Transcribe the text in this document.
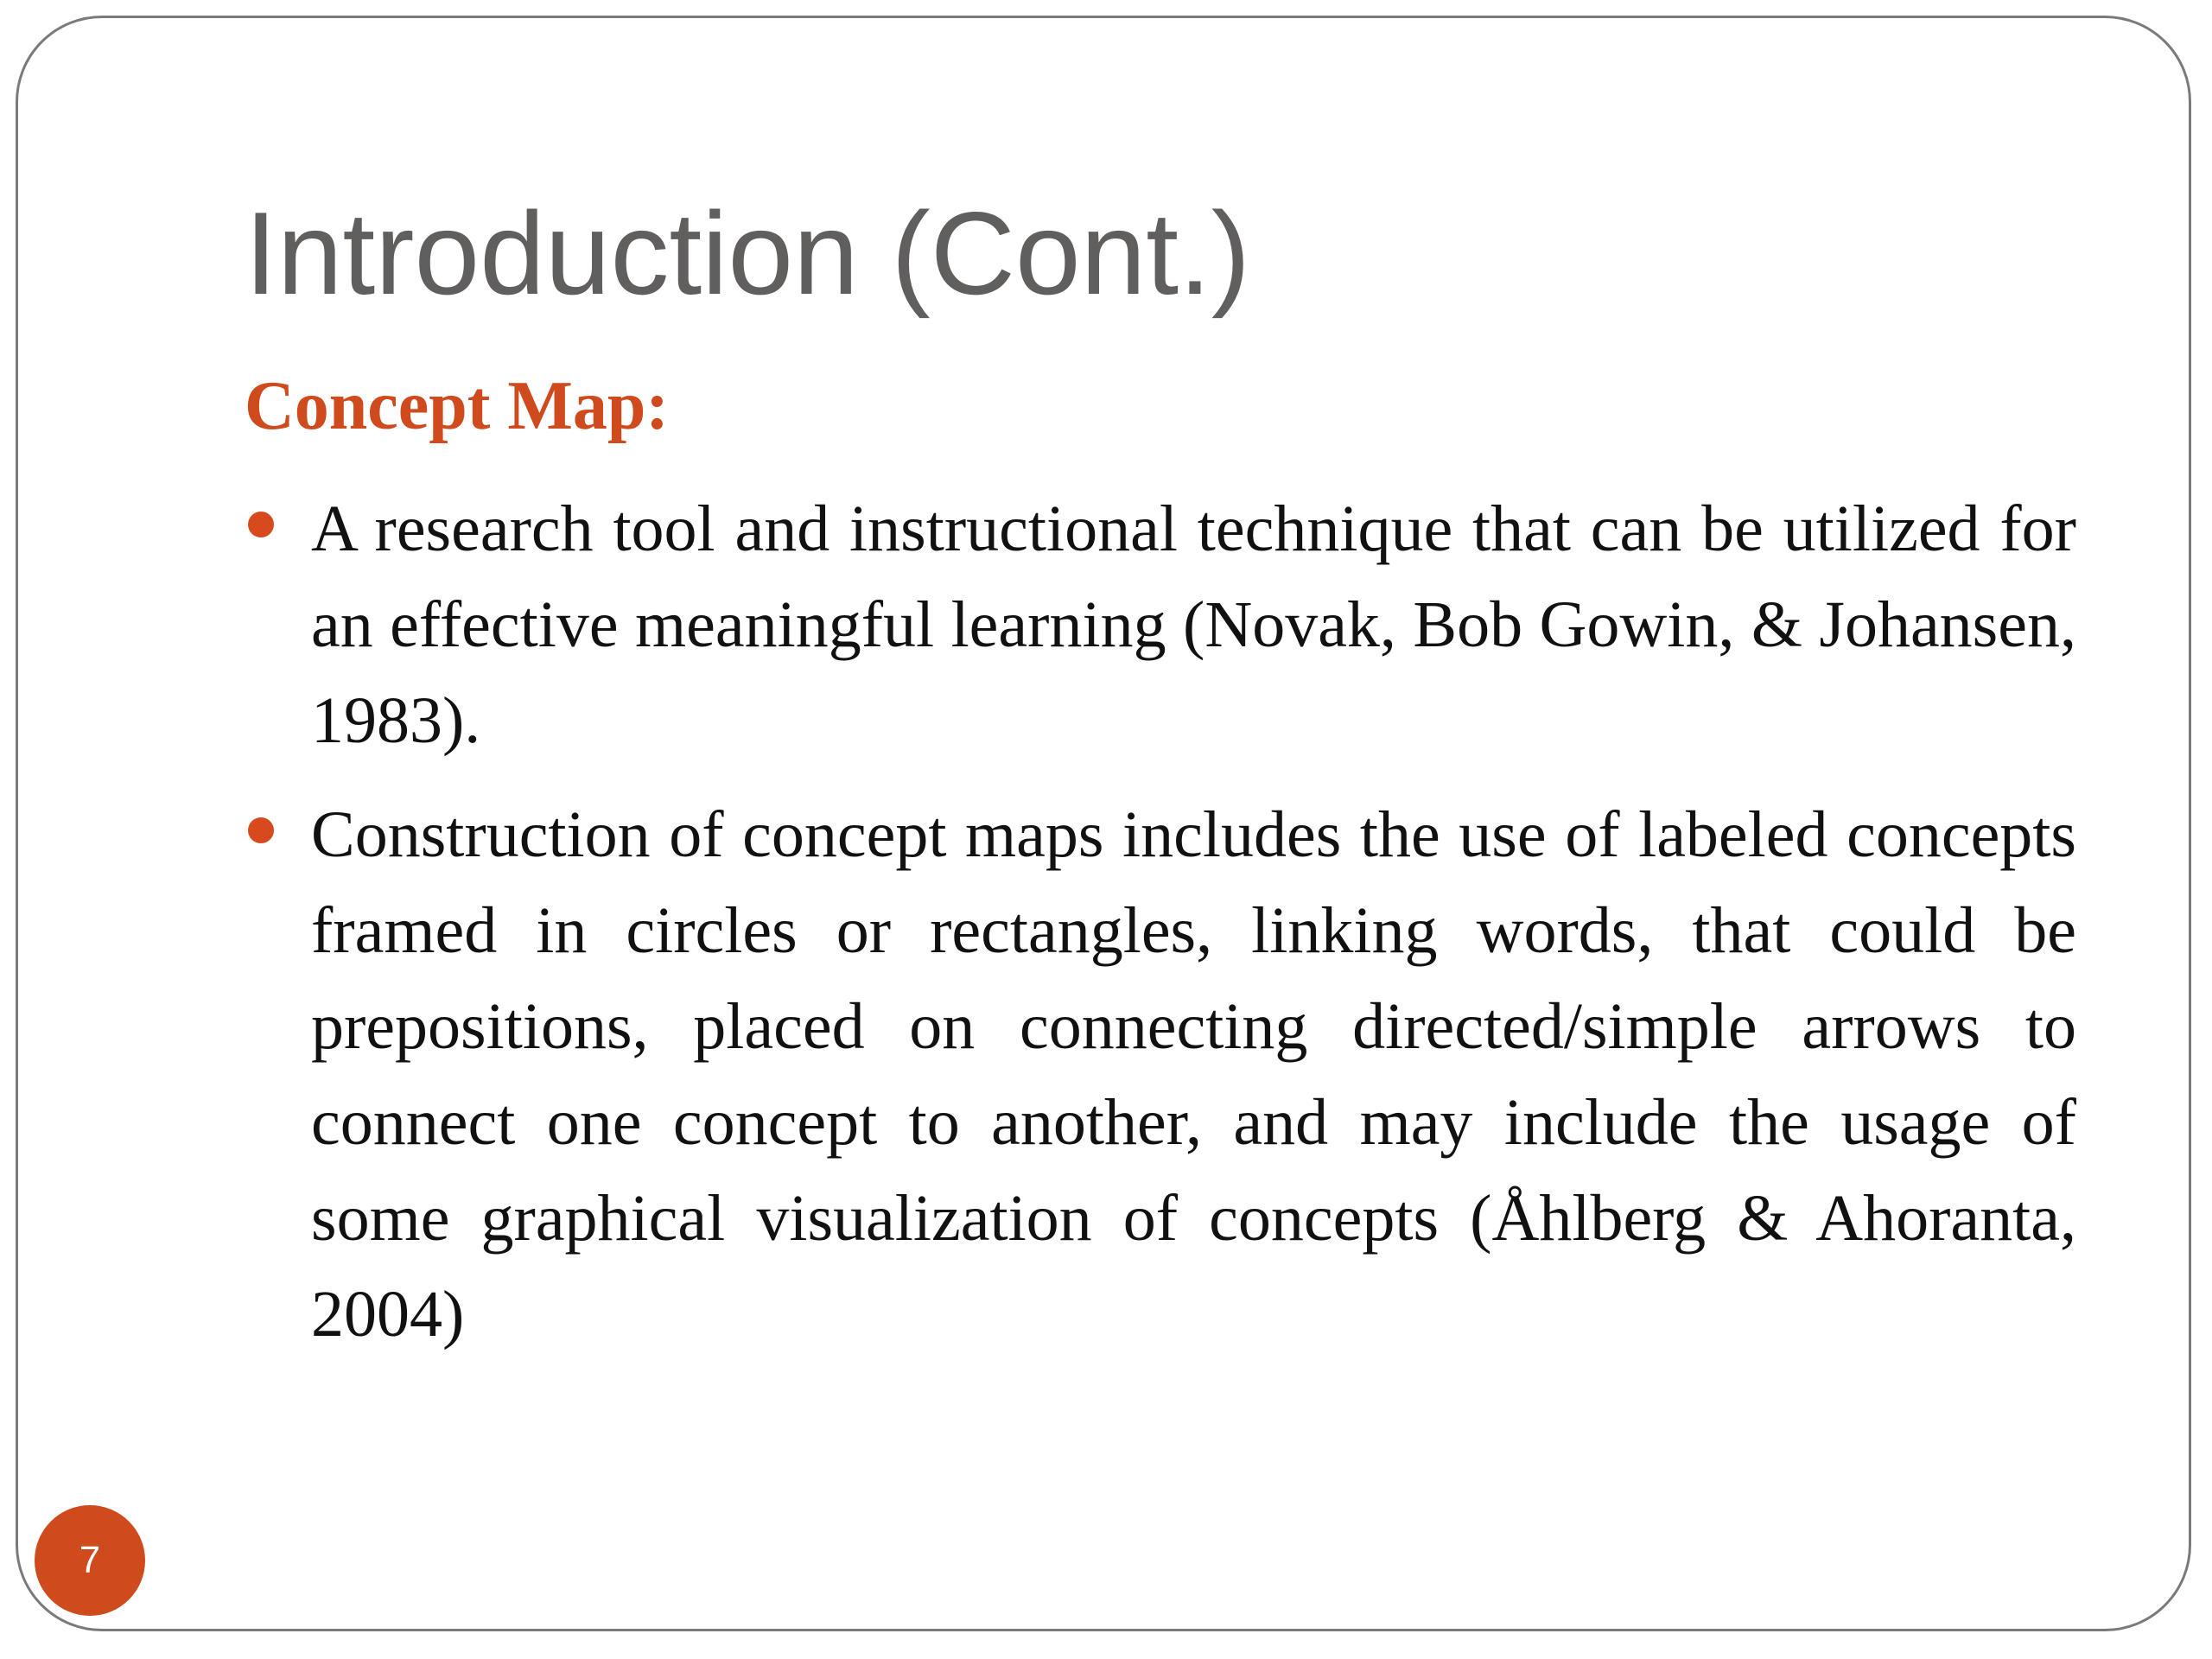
Introduction (Cont.)
Concept Map:
A research tool and instructional technique that can be utilized for an effective meaningful learning (Novak, Bob Gowin, & Johansen, 1983).
Construction of concept maps includes the use of labeled concepts framed in circles or rectangles, linking words, that could be prepositions, placed on connecting directed/simple arrows to connect one concept to another, and may include the usage of some graphical visualization of concepts (Åhlberg & Ahoranta, 2004)
7
